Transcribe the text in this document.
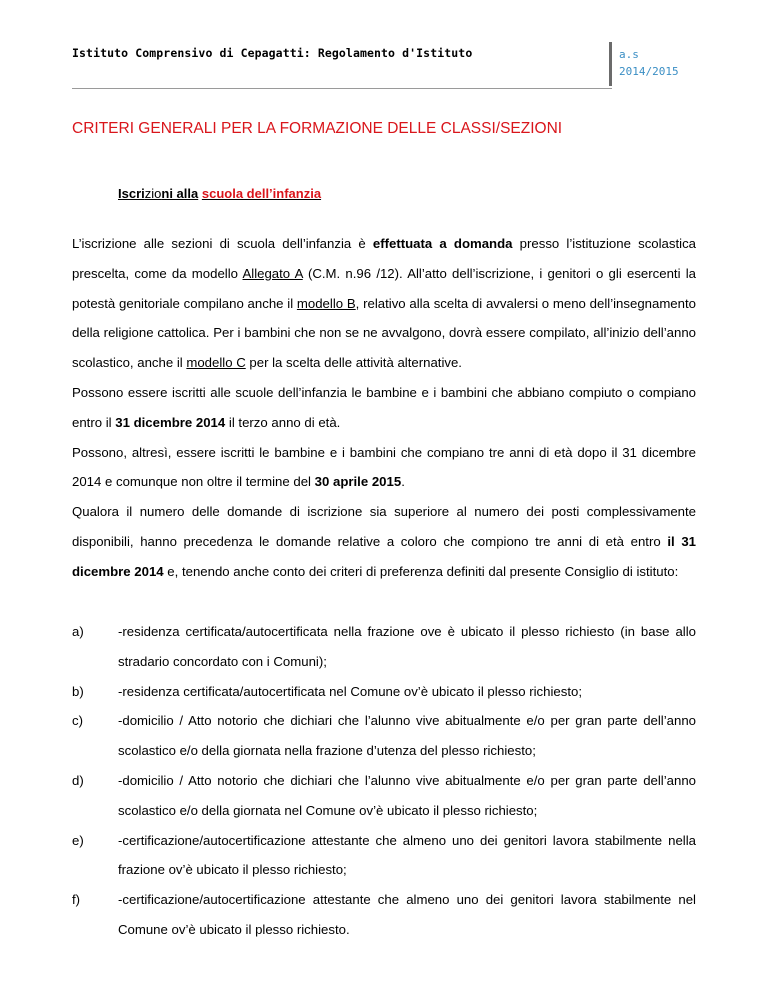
Istituto Comprensivo di Cepagatti: Regolamento d'Istituto	a.s
2014/2015
CRITERI GENERALI PER LA FORMAZIONE DELLE CLASSI/SEZIONI
Iscrizioni alla scuola dell’infanzia

L’iscrizione alle sezioni di scuola dell’infanzia è effettuata a domanda presso l’istituzione scolastica prescelta, come da modello Allegato A (C.M. n.96 /12). All’atto dell’iscrizione, i genitori o gli esercenti la potestà genitoriale compilano anche il modello B, relativo alla scelta di avvalersi o meno dell’insegnamento della religione cattolica. Per i bambini che non se ne avvalgono, dovrà essere compilato, all’inizio dell’anno scolastico, anche il modello C per la scelta delle attività alternative.

Possono essere iscritti alle scuole dell’infanzia le bambine e i bambini che abbiano compiuto o compiano entro il 31 dicembre 2014 il terzo anno di età.

Possono, altresì, essere iscritti le bambine e i bambini che compiano tre anni di età dopo il 31 dicembre 2014 e comunque non oltre il termine del 30 aprile 2015.

Qualora il numero delle domande di iscrizione sia superiore al numero dei posti complessivamente disponibili, hanno precedenza le domande relative a coloro che compiono tre anni di età entro il 31 dicembre 2014 e, tenendo anche conto dei criteri di preferenza definiti dal presente Consiglio di istituto:

a)	-residenza certificata/autocertificata nella frazione ove è ubicato il plesso richiesto (in base allo stradario concordato con i Comuni);
b)	-residenza certificata/autocertificata nel Comune ov’è ubicato il plesso richiesto;
c)	-domicilio / Atto notorio che dichiari che l’alunno vive abitualmente e/o per gran parte dell’anno scolastico e/o della giornata nella frazione d’utenza del plesso richiesto;
d)	-domicilio / Atto notorio che dichiari che l’alunno vive abitualmente e/o per gran parte dell’anno scolastico e/o della giornata nel Comune ov’è ubicato il plesso richiesto;
e)	-certificazione/autocertificazione attestante che almeno uno dei genitori lavora stabilmente nella frazione ov’è ubicato il plesso richiesto;
f)	-certificazione/autocertificazione attestante che almeno uno dei genitori lavora stabilmente nel Comune ov’è ubicato il plesso richiesto.
